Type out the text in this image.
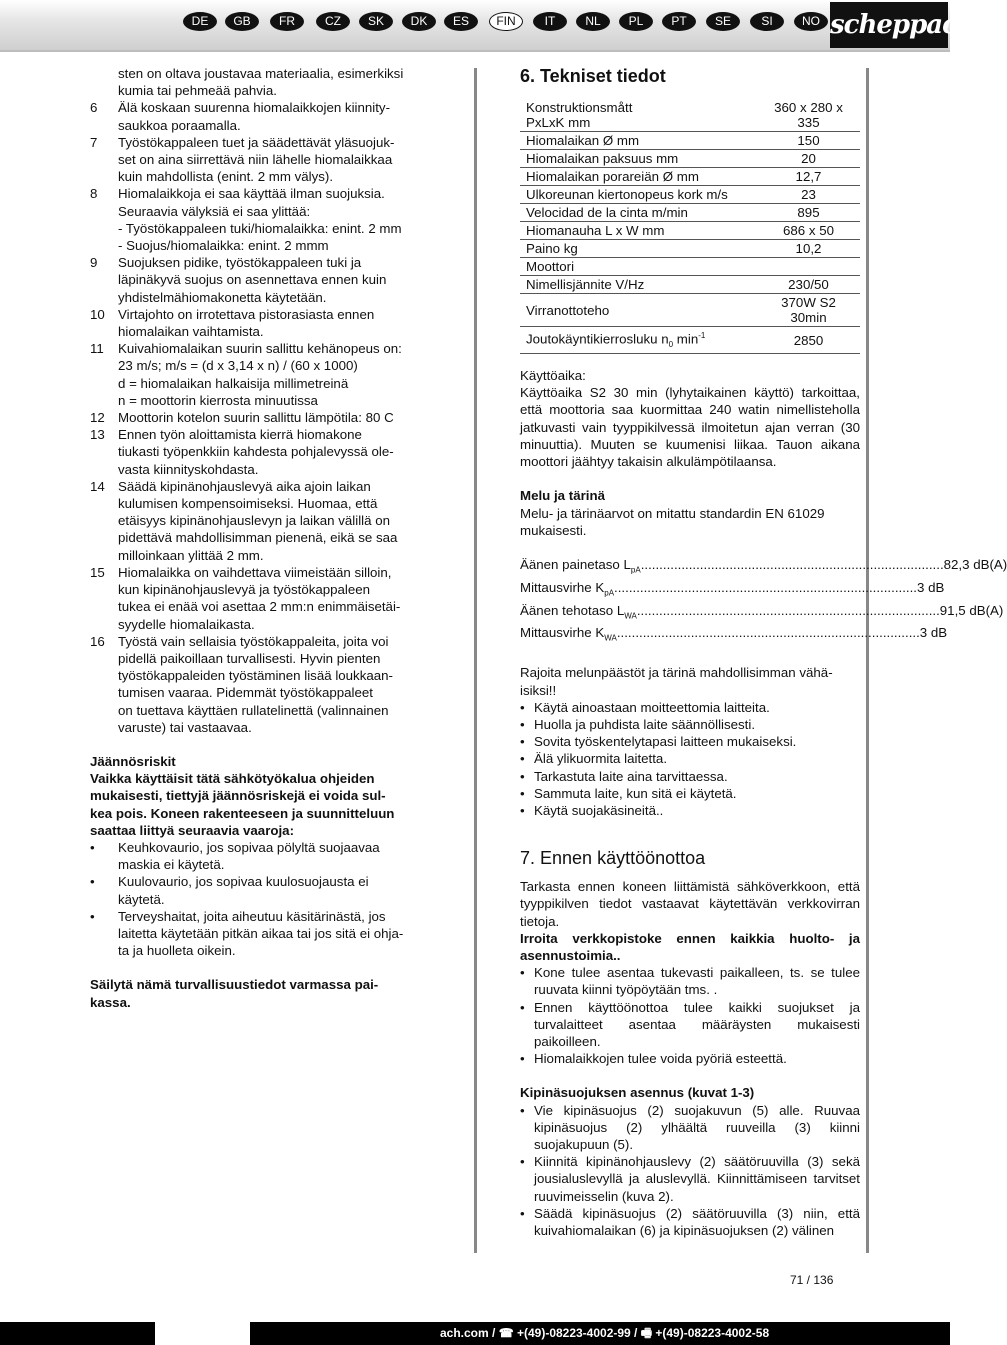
DE	GB	FR	CZ	SK	DK	ES	FIN	IT	NL	PL	PT	SE	SI	NO scheppach
sten on oltava joustavaa materiaalia, esimerkiksi
kumia tai pehmeää pahvia.
6	Älä koskaan suurenna hiomalaikkojen kiinnity-
saukkoa poraamalla.
7	Työstökappaleen tuet ja säädettävät yläsuojuk-
set on aina siirrettävä niin lähelle hiomalaikkaa
kuin mahdollista (enint. 2 mm välys).
8	Hiomalaikkoja ei saa käyttää ilman suojuksia.
Seuraavia välyksiä ei saa ylittää:
- Työstökappaleen tuki/hiomalaikka: enint. 2 mm
- Suojus/hiomalaikka: enint. 2 mmm
9	Suojuksen pidike, työstökappaleen tuki ja
läpinäkyvä suojus on asennettava ennen kuin
yhdistelmähiomakonetta käytetään.
10 Virtajohto on irrotettava pistorasiasta ennen
hiomalaikan vaihtamista.
11	Kuivahiomalaikan suurin sallittu kehänopeus on:
23 m/s; m/s = (d x 3,14 x n) / (60 x 1000)
d = hiomalaikan halkaisija millimetreinä
n = moottorin kierrosta minuutissa
12 Moottorin kotelon suurin sallittu lämpötila: 80 C
13 Ennen työn aloittamista kierrä hiomakone
tiukasti työpenkkiin kahdesta pohjalevyssä ole-
vasta kiinnityskohdasta.
14 Säädä kipinänohjauslevyä aika ajoin laikan
kulumisen kompensoimiseksi. Huomaa, että
etäisyys kipinänohjauslevyn ja laikan välillä on
pidettävä mahdollisimman pienenä, eikä se saa
milloinkaan ylittää 2 mm.
15 Hiomalaikka on vaihdettava viimeistään silloin,
kun kipinänohjauslevyä ja työstökappaleen
tukea ei enää voi asettaa 2 mm:n enimmäisetäi-
syydelle hiomalaikasta.
16 Työstä vain sellaisia työstökappaleita, joita voi
pidellä paikoillaan turvallisesti. Hyvin pienten
työstökappaleiden työstäminen lisää loukkaan-
tumisen vaaraa. Pidemmät työstökappaleet
on tuettava käyttäen rullatelinettä (valinnainen
varuste) tai vastaavaa.
Jäännösriskit
Vaikka käyttäisit tätä sähkötyökalua ohjeiden
mukaisesti, tiettyjä jäännösriskejä ei voida sul-
kea pois. Koneen rakenteeseen ja suunnitteluun
saattaa liittyä seuraavia vaaroja:
•	Keuhkovaurio, jos sopivaa pölyltä suojaavaa
maskia ei käytetä.
•	Kuulovaurio, jos sopivaa kuulosuojausta ei
käytetä.
•	Terveyshaitat, joita aiheutuu käsitärinästä, jos
laitetta käytetään pitkän aikaa tai jos sitä ei ohja-
ta ja huolleta oikein.
Säilytä nämä turvallisuustiedot varmassa pai-
kassa.
6. Tekniset tiedot
Konstruktionsmått
PxLxK mm	360 x 280 x 335

Hiomalaikan Ø mm	150

Hiomalaikan paksuus mm	20

Hiomalaikan porareiän Ø mm	12,7

Ulkoreunan kiertonopeus kork m/s	23

Velocidad de la cinta m/min	895

Hiomanauha L x W mm	686 x 50

Paino kg	10,2

Moottori	

Nimellisjännite V/Hz	230/50

Virranottoteho	370W S2
30min

Joutokäyntikierrosluku $n_0$ $\min^{-1}$	2850
Käyttöaika:
Käyttöaika S2 30 min (lyhytaikainen käyttö) tarkoittaa, että moottoria saa kuormittaa 240 watin nimellisteholla jatkuvasti vain tyyppikilvessä ilmoitetun ajan verran (30 minuuttia). Muuten se kuumenisi liikaa. Tauon aikana moottori jäähtyy takaisin alkulämpötilaansa.
Melu ja tärinä
Melu- ja tärinäarvot on mitattu standardin EN 61029
mukaisesti.
Äänen painetaso $L_{pA}$ .................................................................................. 82,3 dB(A)
Mittausvirhe $K_{pA}$ .................................................................................. 3 dB
Äänen tehotaso $L_{WA}$ .................................................................................. 91,5 dB(A)
Mittausvirhe $K_{WA}$ .................................................................................. 3 dB
Rajoita melunpäästöt ja tärinä mahdollisimman vähä-
isiksi!!
• Käytä ainoastaan moitteettomia laitteita.
• Huolla ja puhdista laite säännöllisesti.
• Sovita työskentelytapasi laitteen mukaiseksi.
• Älä ylikuormita laitetta.
• Tarkastuta laite aina tarvittaessa.
• Sammuta laite, kun sitä ei käytetä.
• Käytä suojakäsineitä..
7. Ennen käyttöönottoa
Tarkasta ennen koneen liittämistä sähköverkkoon, että tyyppikilven tiedot vastaavat käytettävän verkkovirran tietoja.
Irroita verkkopistoke ennen kaikkia huolto- ja asennustoimia..
• Kone tulee asentaa tukevasti paikalleen, ts. se tulee ruuvata kiinni työpöytään tms. .
• Ennen käyttöönottoa tulee kaikki suojukset ja turvalaitteet asentaa määräysten mukaisesti paikoilleen.
• Hiomalaikkojen tulee voida pyöriä esteettä.
Kipinäsuojuksen asennus (kuvat 1-3)
• Vie kipinäsuojus (2) suojakuvun (5) alle. Ruuvaa kipinäsuojus (2) ylhäältä ruuveilla (3) kiinni suojakupuun (5).
• Kiinnitä kipinänohjauslevy (2) säätöruuvilla (3) sekä jousialuslevyllä ja aluslevyllä. Kiinnittämiseen tarvitset ruuvimeisselin (kuva 2).
• Säädä kipinäsuojus (2) säätöruuvilla (3) niin, että kuivahiomalaikan (6) ja kipinäsuojuksen (2) välinen
71 / 136
ach.com / ☎ +(49)-08223-4002-99 / 🖷 +(49)-08223-4002-58
